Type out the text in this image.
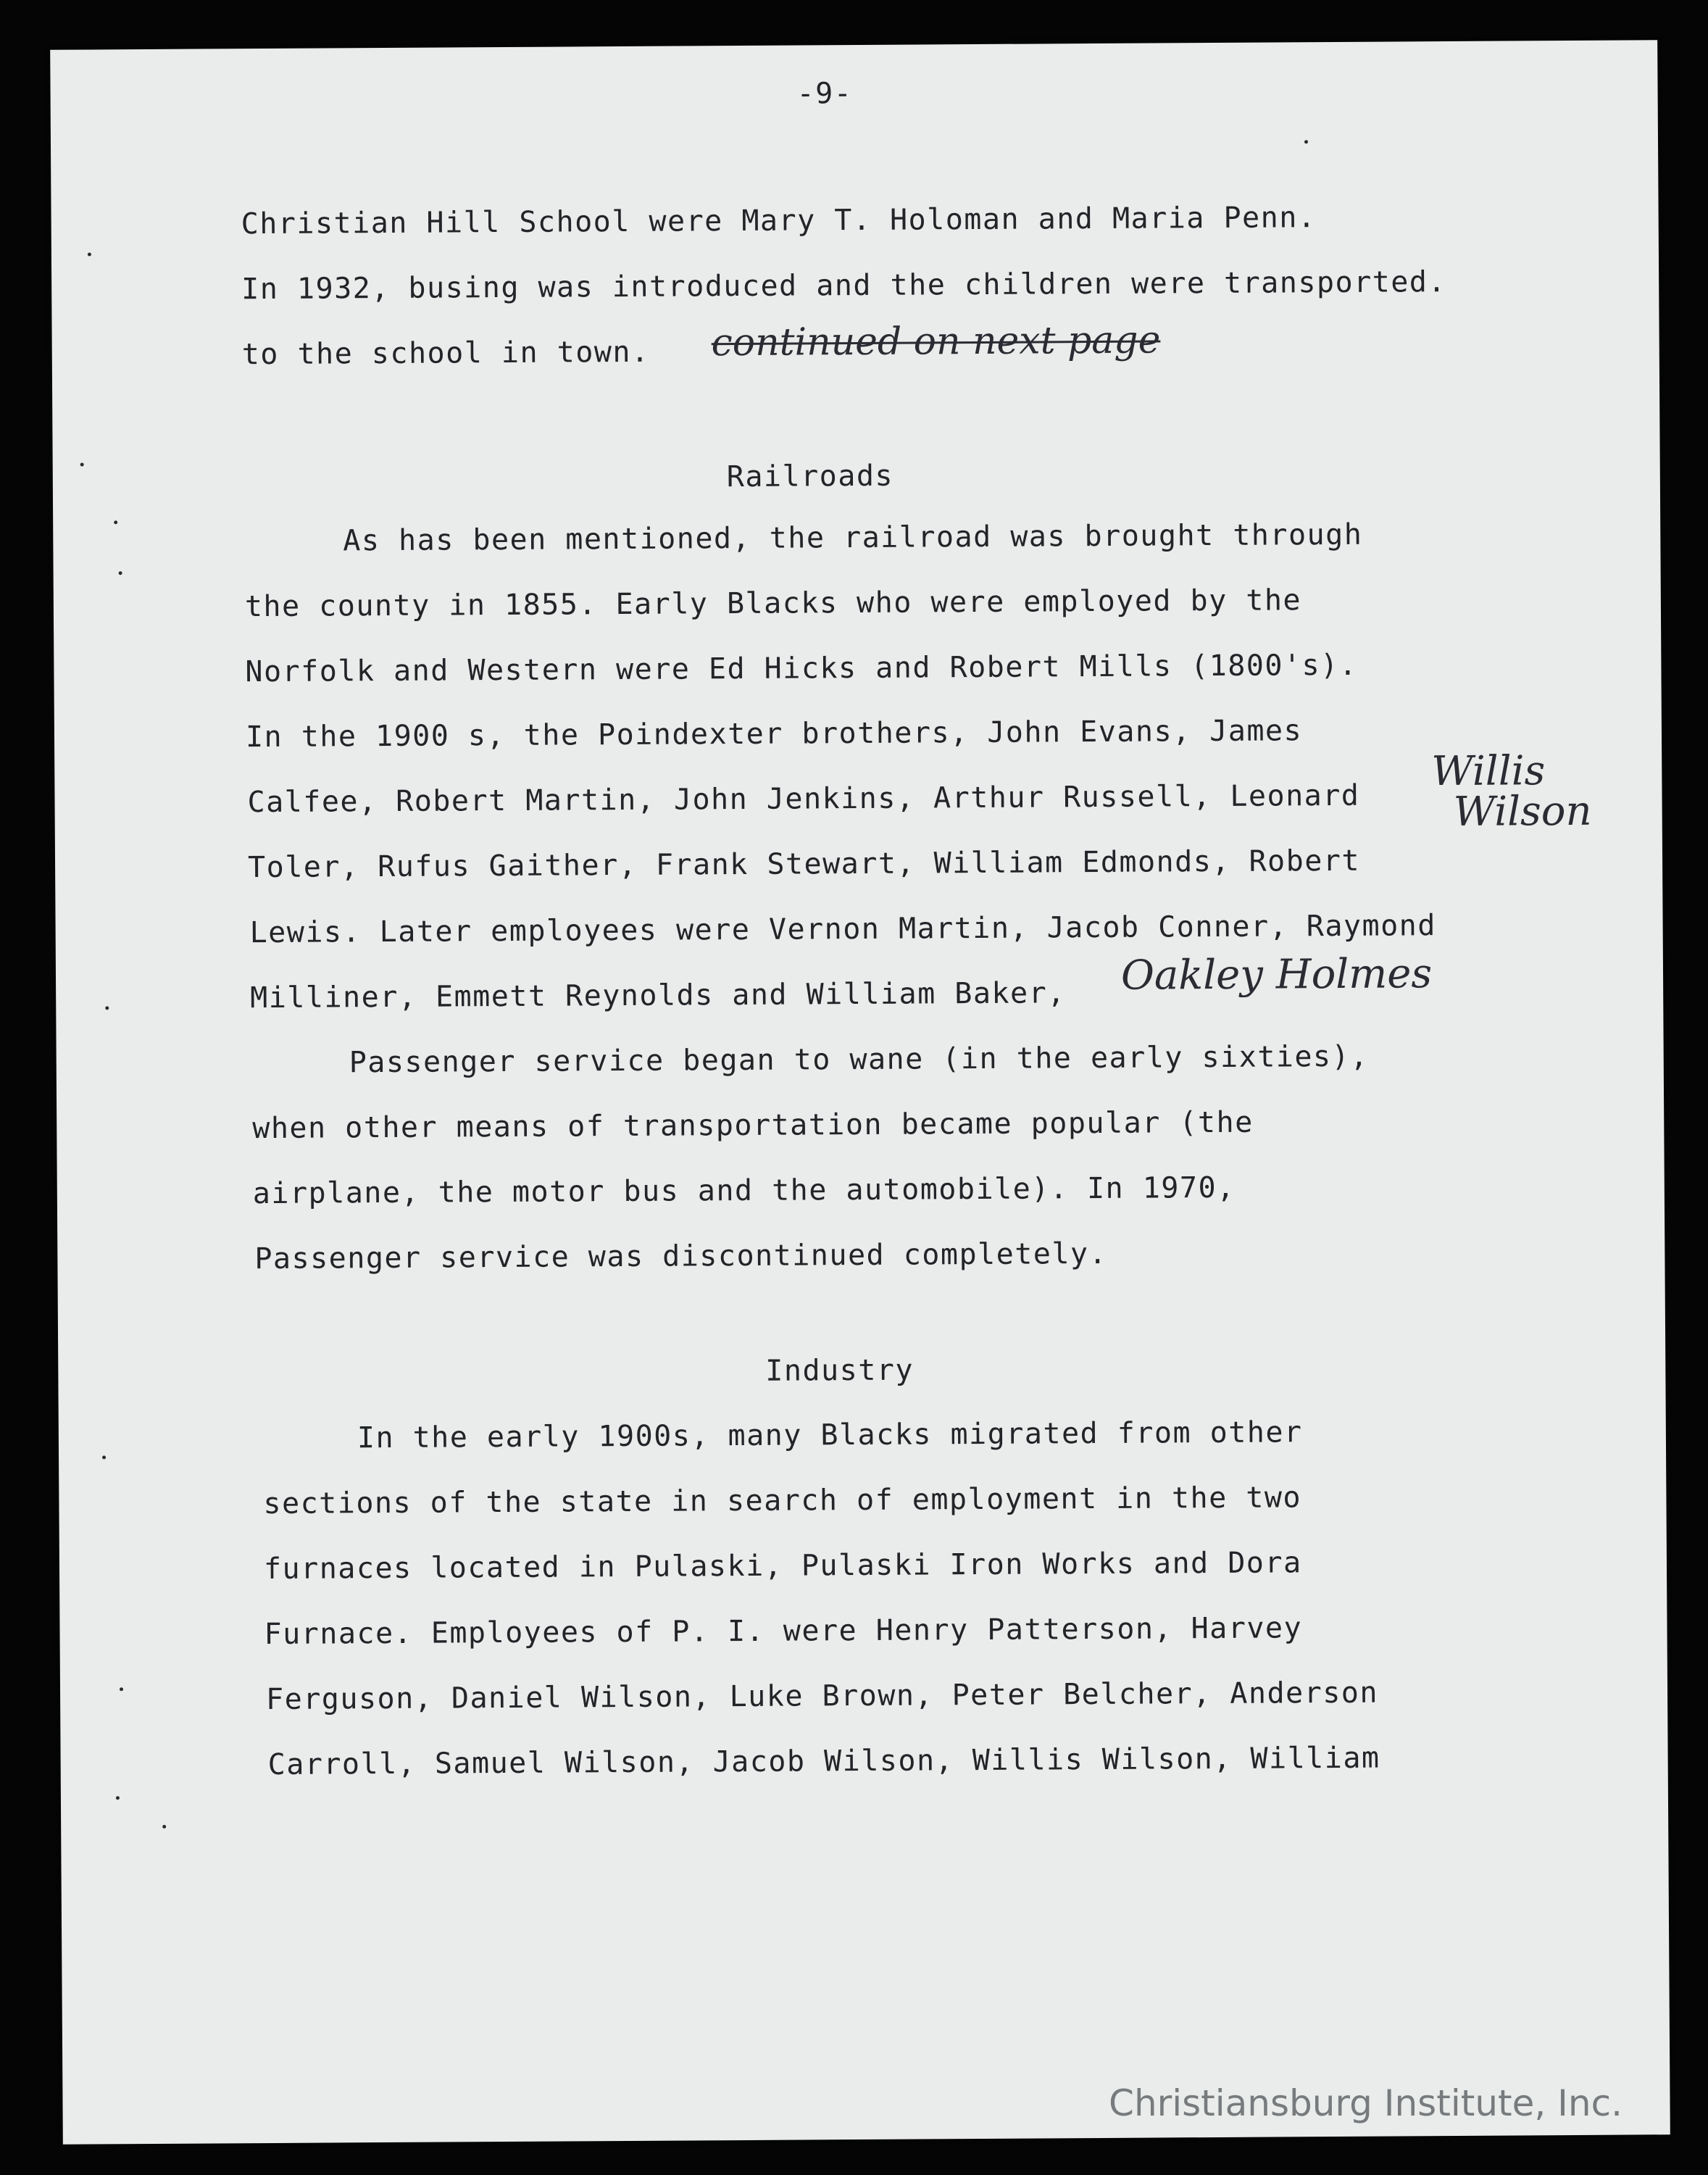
-9-
Christian Hill School were Mary T. Holoman and Maria Penn.
In 1932, busing was introduced and the children were transported.
to the school in town. continued on next page
Railroads
As has been mentioned, the railroad was brought through
the county in 1855. Early Blacks who were employed by the
Norfolk and Western were Ed Hicks and Robert Mills (1800's).
In the 1900 s, the Poindexter brothers, John Evans, James
Calfee, Robert Martin, John Jenkins, Arthur Russell, Leonard
Toler, Rufus Gaither, Frank Stewart, William Edmonds, Robert
Lewis. Later employees were Vernon Martin, Jacob Conner, Raymond
Milliner, Emmett Reynolds and William Baker,
Willis
Wilson
Oakley Holmes
Passenger service began to wane (in the early sixties),
when other means of transportation became popular (the
airplane, the motor bus and the automobile). In 1970,
Passenger service was discontinued completely.
Industry
In the early 1900s, many Blacks migrated from other
sections of the state in search of employment in the two
furnaces located in Pulaski, Pulaski Iron Works and Dora
Furnace. Employees of P. I. were Henry Patterson, Harvey
Ferguson, Daniel Wilson, Luke Brown, Peter Belcher, Anderson
Carroll, Samuel Wilson, Jacob Wilson, Willis Wilson, William
Christiansburg Institute, Inc.
